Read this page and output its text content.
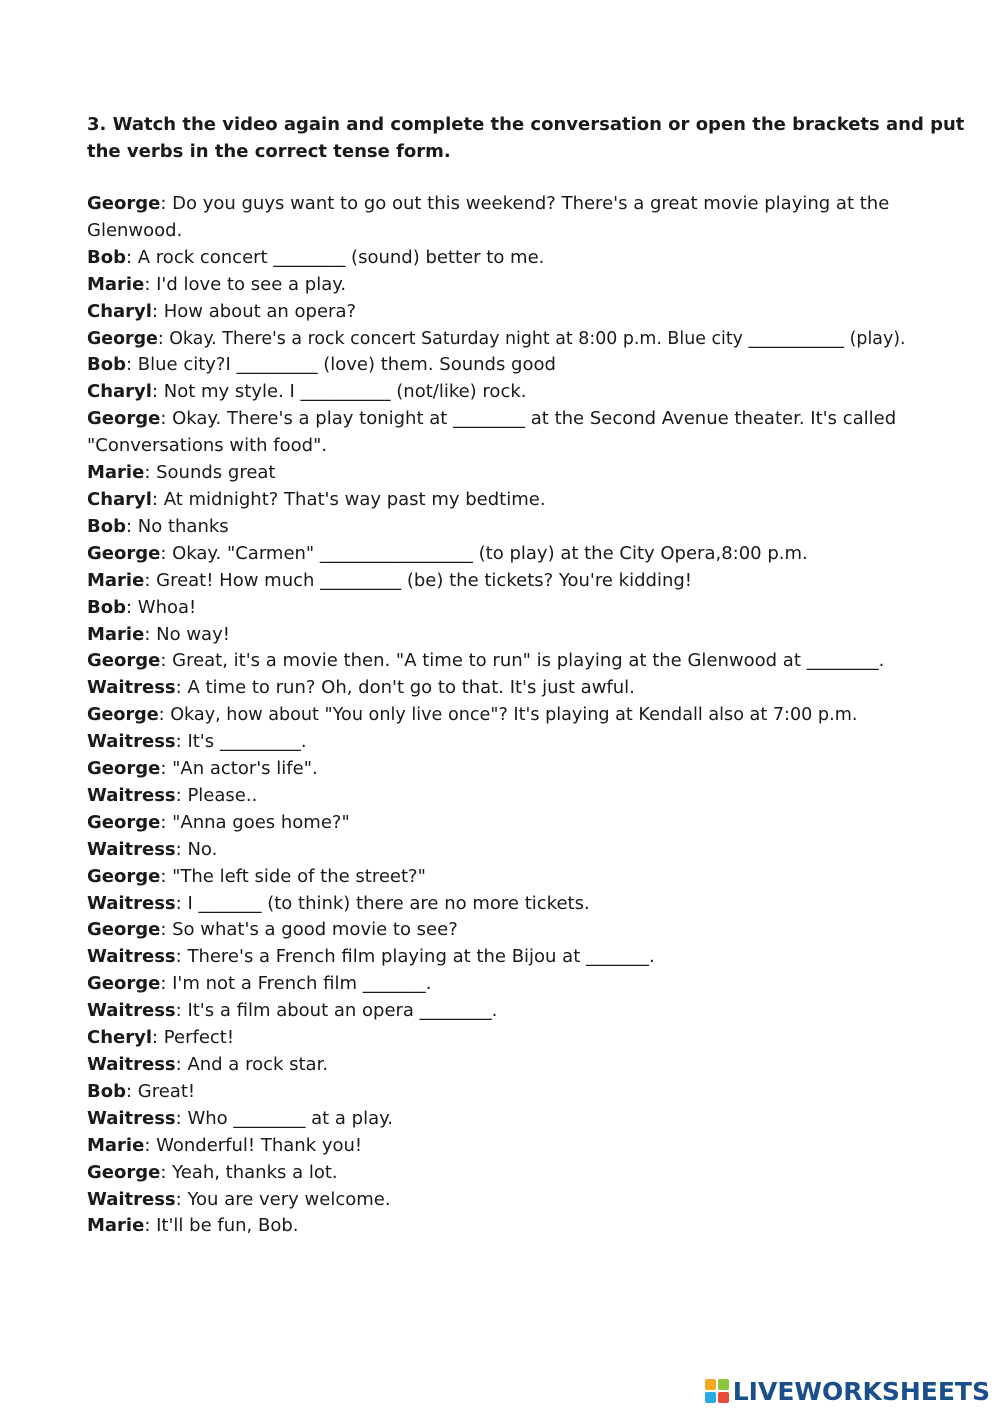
3. Watch the video again and complete the conversation or open the brackets and put the verbs in the correct tense form.

George: Do you guys want to go out this weekend? There's a great movie playing at the Glenwood.
Bob: A rock concert ________ (sound) better to me.
Marie: I'd love to see a play.
Charyl: How about an opera?
George: Okay. There's a rock concert Saturday night at 8:00 p.m. Blue city ___________ (play).
Bob: Blue city?I _________ (love) them. Sounds good
Charyl: Not my style. I __________ (not/like) rock.
George: Okay. There's a play tonight at ________ at the Second Avenue theater. It's called "Conversations with food".
Marie: Sounds great
Charyl: At midnight? That's way past my bedtime.
Bob: No thanks
George: Okay. "Carmen" _________________ (to play) at the City Opera,8:00 p.m.
Marie: Great! How much _________ (be) the tickets? You're kidding!
Bob: Whoa!
Marie: No way!
George: Great, it's a movie then. "A time to run" is playing at the Glenwood at ________.
Waitress: A time to run? Oh, don't go to that. It's just awful.
George: Okay, how about "You only live once"? It's playing at Kendall also at 7:00 p.m.
Waitress: It's _________.
George: "An actor's life".
Waitress: Please..
George: "Anna goes home?"
Waitress: No.
George: "The left side of the street?"
Waitress: I _______ (to think) there are no more tickets.
George: So what's a good movie to see?
Waitress: There's a French film playing at the Bijou at _______.
George: I'm not a French film _______.
Waitress: It's a film about an opera ________.
Cheryl: Perfect!
Waitress: And a rock star.
Bob: Great!
Waitress: Who ________ at a play.
Marie: Wonderful! Thank you!
George: Yeah, thanks a lot.
Waitress: You are very welcome.
Marie: It'll be fun, Bob.
LIVEWORKSHEETS
